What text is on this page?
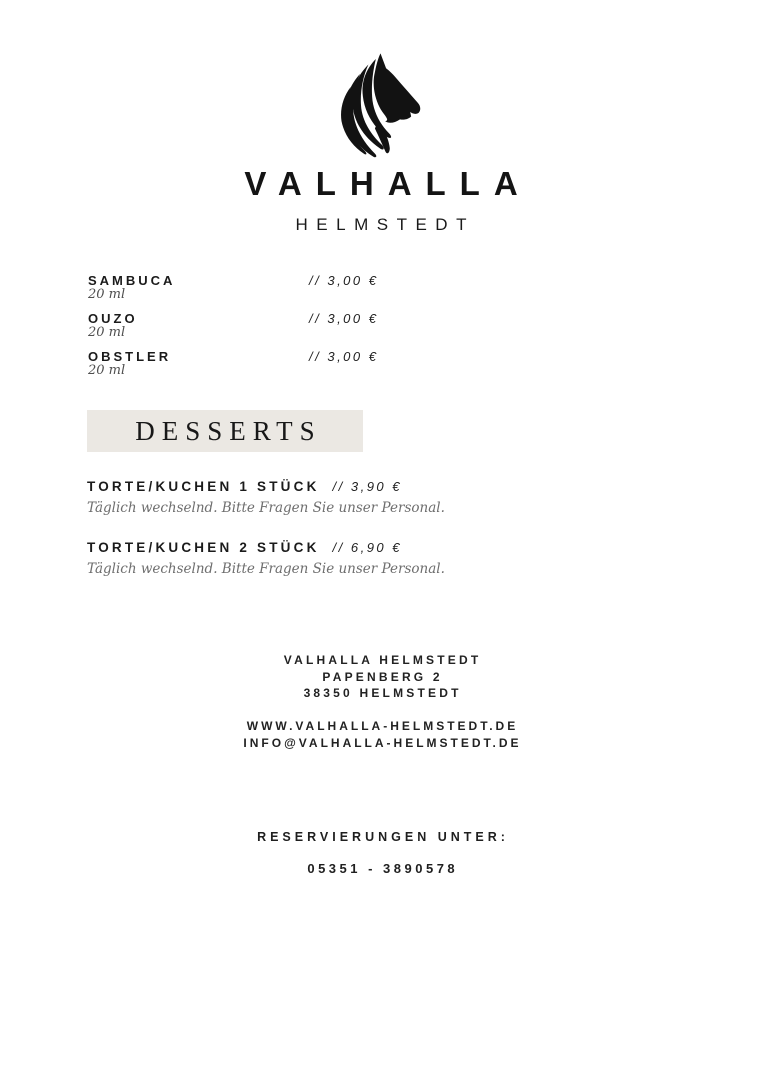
VALHALLA
HELMSTEDT
SAMBUCA	// 3,00 €
20 ml
OUZO	// 3,00 €
20 ml
OBSTLER	// 3,00 €
20 ml
DESSERTS
TORTE/KUCHEN 1 STÜCK // 3,90 €
Täglich wechselnd. Bitte Fragen Sie unser Personal.
TORTE/KUCHEN 2 STÜCK // 6,90 €
Täglich wechselnd. Bitte Fragen Sie unser Personal.
VALHALLA HELMSTEDT
PAPENBERG 2
38350 HELMSTEDT
WWW.VALHALLA-HELMSTEDT.DE
INFO@VALHALLA-HELMSTEDT.DE
RESERVIERUNGEN UNTER:
05351 - 3890578
